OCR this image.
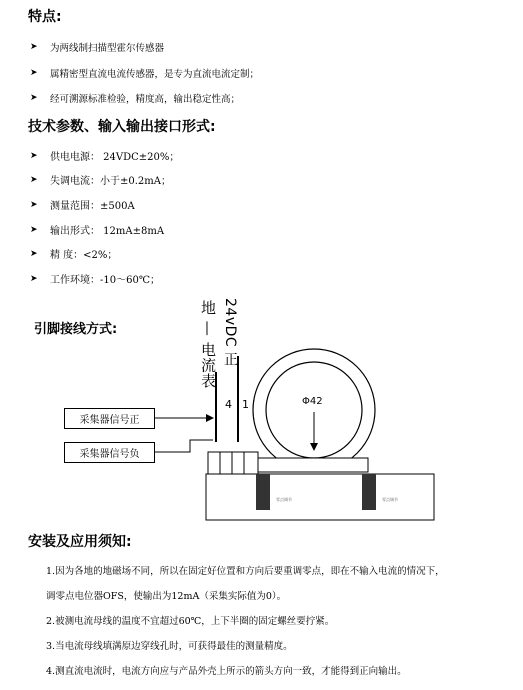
特点:
➤	为两线制扫描型霍尔传感器
➤	属精密型直流电流传感器，是专为直流电流定制；
➤	经可溯源标准检验，精度高，输出稳定性高；
技术参数、输入输出接口形式:
➤	供电电源： 24VDC±20%；
➤	失调电流：小于±0.2mA；
➤	测量范围：±500A
➤	输出形式： 12mA±8mA
➤	精 度：<2%；
➤	工作环境：-10～60℃；
引脚接线方式:
地 — 电流表 24vDC 正
4 1	Φ42
零点调节	零点调节
采集器信号正
采集器信号负
安装及应用须知:
1.因为各地的地磁场不同，所以在固定好位置和方向后要重调零点，即在不输入电流的情况下，
调零点电位器OFS，使输出为12mA（采集实际值为0）。
2.被测电流母线的温度不宜超过60℃，上下半圈的固定螺丝要拧紧。
3.当电流母线填满原边穿线孔时，可获得最佳的测量精度。
4.测直流电流时，电流方向应与产品外壳上所示的箭头方向一致，才能得到正向输出。
